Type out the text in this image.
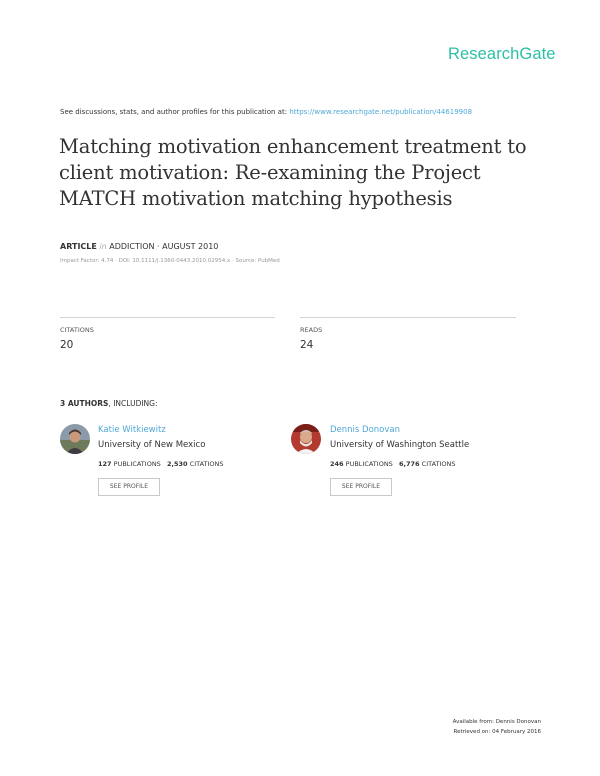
ResearchGate
See discussions, stats, and author profiles for this publication at: https://www.researchgate.net/publication/44619908
Matching motivation enhancement treatment to
client motivation: Re-examining the Project
MATCH motivation matching hypothesis
ARTICLE in ADDICTION · AUGUST 2010
Impact Factor: 4.74 · DOI: 10.1111/j.1360-0443.2010.02954.x · Source: PubMed
CITATIONS
20
READS
24
3 AUTHORS, INCLUDING:
Katie Witkiewitz
University of New Mexico
127 PUBLICATIONS 2,530 CITATIONS
SEE PROFILE
Dennis Donovan
University of Washington Seattle
246 PUBLICATIONS 6,776 CITATIONS
SEE PROFILE
Available from: Dennis Donovan
Retrieved on: 04 February 2016
